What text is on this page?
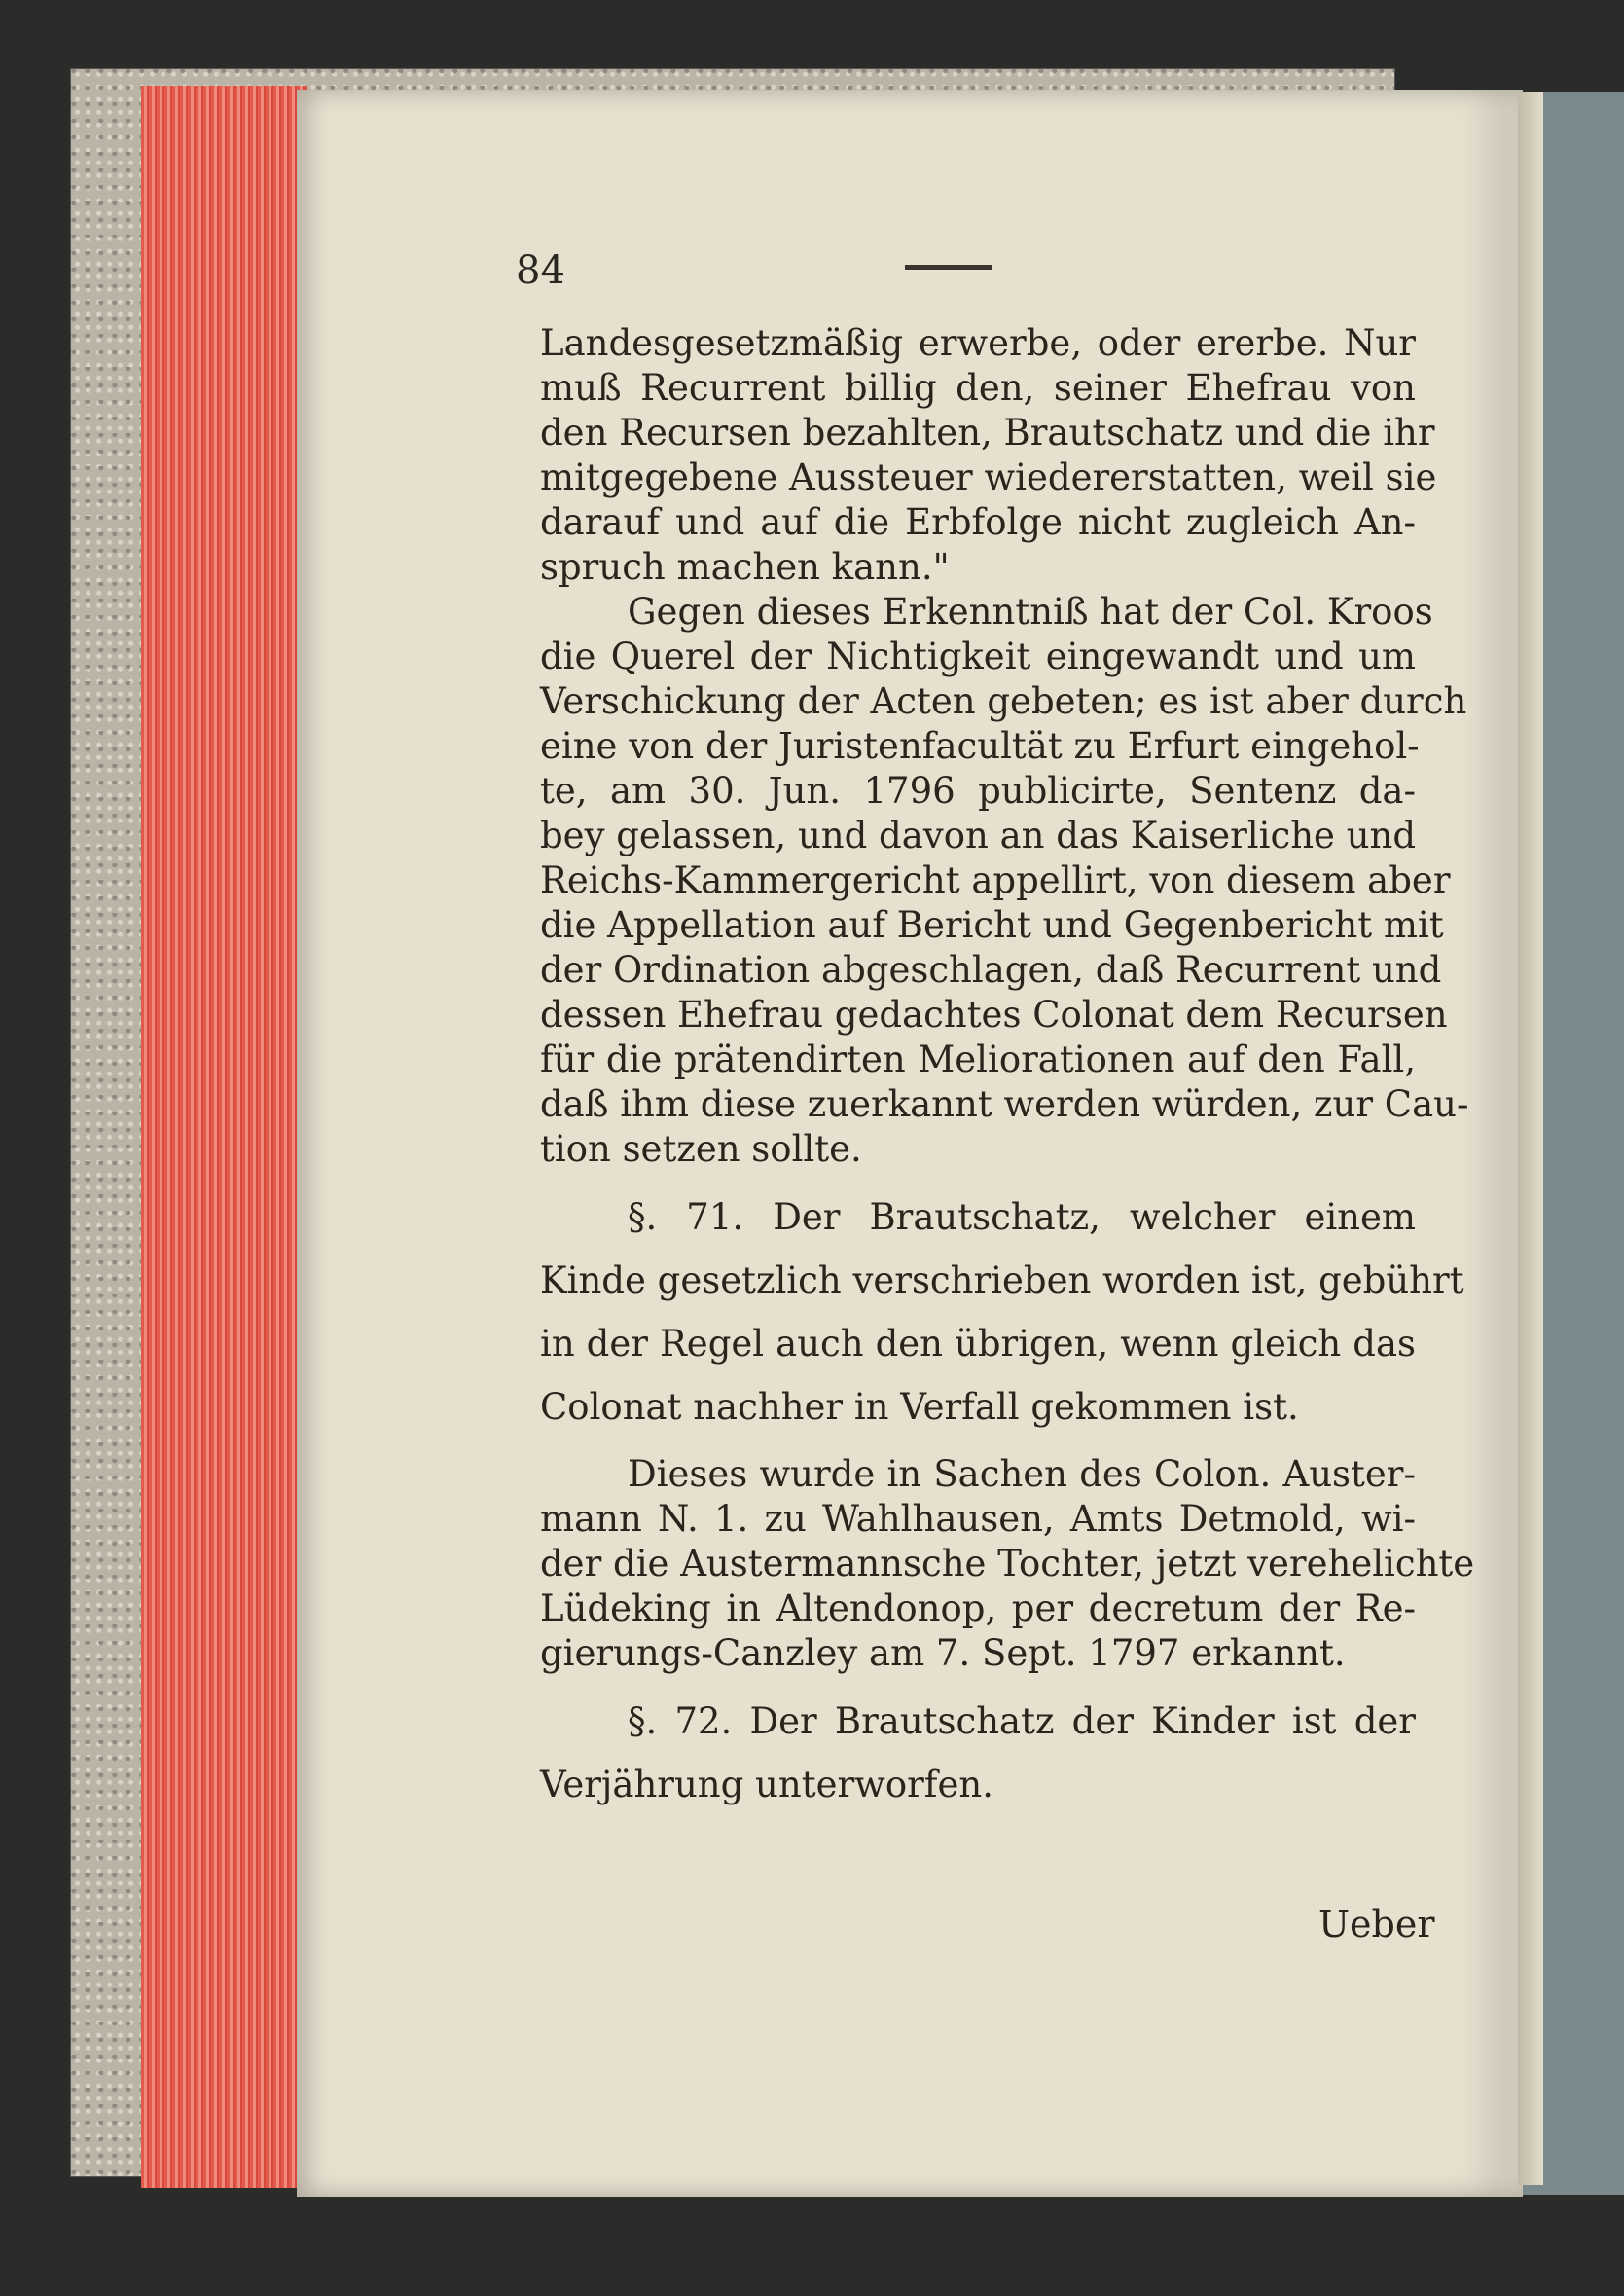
84
Landesgesetzmäßig erwerbe, oder ererbe. Nur
muß Recurrent billig den, seiner Ehefrau von
den Recursen bezahlten, Brautschatz und die ihr
mitgegebene Aussteuer wiedererstatten, weil sie
darauf und auf die Erbfolge nicht zugleich An-
spruch machen kann."
Gegen dieses Erkenntniß hat der Col. Kroos
die Querel der Nichtigkeit eingewandt und um
Verschickung der Acten gebeten; es ist aber durch
eine von der Juristenfacultät zu Erfurt eingehol-
te, am 30. Jun. 1796 publicirte, Sentenz da-
bey gelassen, und davon an das Kaiserliche und
Reichs-Kammergericht appellirt, von diesem aber
die Appellation auf Bericht und Gegenbericht mit
der Ordination abgeschlagen, daß Recurrent und
dessen Ehefrau gedachtes Colonat dem Recursen
für die prätendirten Meliorationen auf den Fall,
daß ihm diese zuerkannt werden würden, zur Cau-
tion setzen sollte.
§. 71. Der Brautschatz, welcher einem
Kinde gesetzlich verschrieben worden ist, gebührt
in der Regel auch den übrigen, wenn gleich das
Colonat nachher in Verfall gekommen ist.
Dieses wurde in Sachen des Colon. Auster-
mann N. 1. zu Wahlhausen, Amts Detmold, wi-
der die Austermannsche Tochter, jetzt verehelichte
Lüdeking in Altendonop, per decretum der Re-
gierungs-Canzley am 7. Sept. 1797 erkannt.
§. 72. Der Brautschatz der Kinder ist der
Verjährung unterworfen.
Ueber
